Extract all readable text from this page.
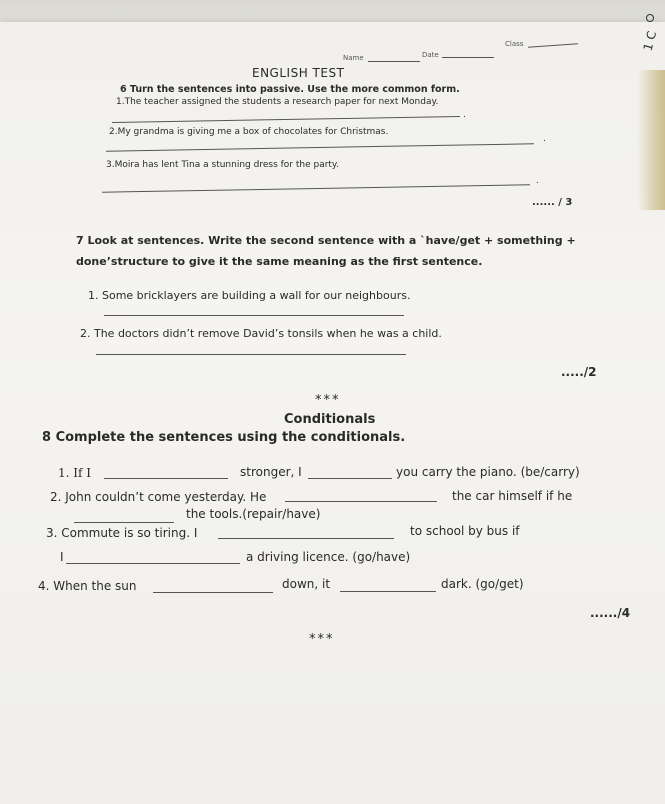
1 C
Name	Date
Class
ENGLISH TEST
6 Turn the sentences into passive. Use the more common form.
1.The teacher assigned the students a research paper for next Monday.
.
2.My grandma is giving me a box of chocolates for Christmas.
.
3.Moira has lent Tina a stunning dress for the party.
.
...... / 3
7 Look at sentences. Write the second sentence with a `have/get + something +
done’structure to give it the same meaning as the first sentence.
1. Some bricklayers are building a wall for our neighbours.
2. The doctors didn’t remove David’s tonsils when he was a child.
...../2
***
Conditionals
8 Complete the sentences using the conditionals.
1. If I	stronger, I	you carry the piano. (be/carry)
2. John couldn’t come yesterday. He	the car himself if he
the tools.(repair/have)
3. Commute is so tiring. I	to school by bus if
I	a driving licence. (go/have)
4. When the sun	down, it	dark. (go/get)
....../4
***
